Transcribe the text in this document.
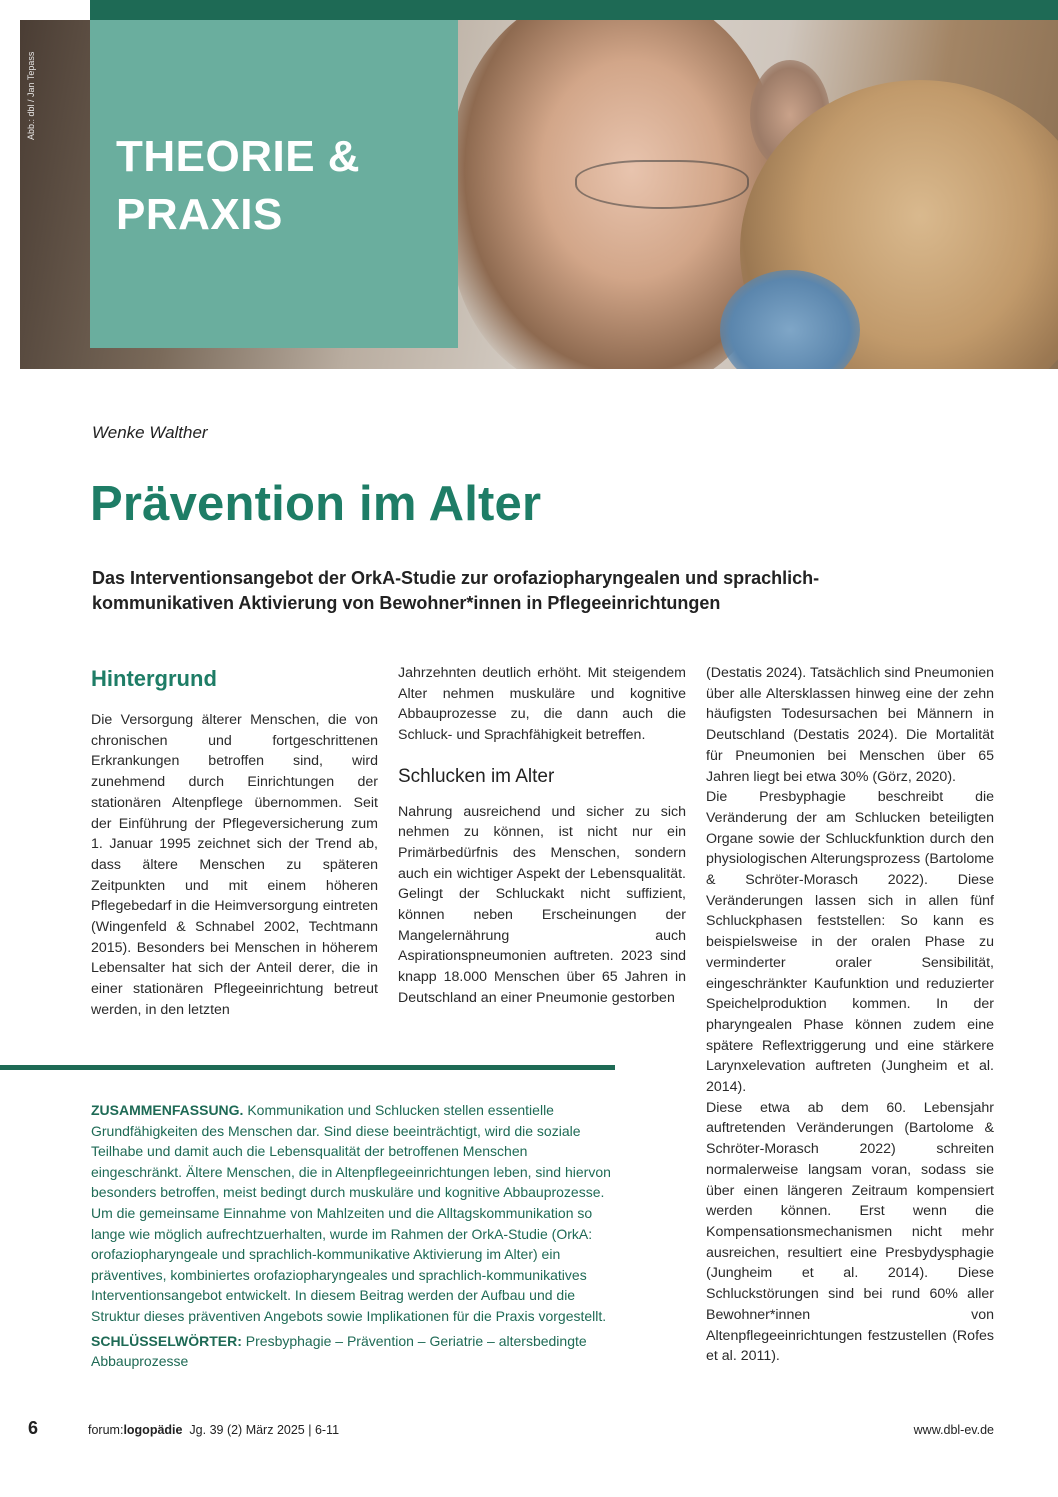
Abb.: dbl / Jan Tepass
THEORIE &
PRAXIS
Wenke Walther
Prävention im Alter
Das Interventionsangebot der OrkA-Studie zur orofaziopharyngealen und sprachlich-kommunikativen Aktivierung von Bewohner*innen in Pflegeeinrichtungen
Hintergrund

Die Versorgung älterer Menschen, die von chronischen und fortgeschrittenen Erkrankungen betroffen sind, wird zunehmend durch Einrichtungen der stationären Altenpflege übernommen. Seit der Einführung der Pflegeversicherung zum 1. Januar 1995 zeichnet sich der Trend ab, dass ältere Menschen zu späteren Zeitpunkten und mit einem höheren Pflegebedarf in die Heimversorgung eintreten (Wingenfeld & Schnabel 2002, Techtmann 2015). Besonders bei Menschen in höherem Lebensalter hat sich der Anteil derer, die in einer stationären Pflegeeinrichtung betreut werden, in den letzten

Jahrzehnten deutlich erhöht. Mit steigendem Alter nehmen muskuläre und kognitive Abbauprozesse zu, die dann auch die Schluck- und Sprachfähigkeit betreffen.

Schlucken im Alter

Nahrung ausreichend und sicher zu sich nehmen zu können, ist nicht nur ein Primärbedürfnis des Menschen, sondern auch ein wichtiger Aspekt der Lebensqualität. Gelingt der Schluckakt nicht suffizient, können neben Erscheinungen der Mangelernährung auch Aspirationspneumonien auftreten. 2023 sind knapp 18.000 Menschen über 65 Jahren in Deutschland an einer Pneumonie gestorben

(Destatis 2024). Tatsächlich sind Pneumonien über alle Altersklassen hinweg eine der zehn häufigsten Todesursachen bei Männern in Deutschland (Destatis 2024). Die Mortalität für Pneumonien bei Menschen über 65 Jahren liegt bei etwa 30% (Görz, 2020).

Die Presbyphagie beschreibt die Veränderung der am Schlucken beteiligten Organe sowie der Schluckfunktion durch den physiologischen Alterungsprozess (Bartolome & Schröter-Morasch 2022). Diese Veränderungen lassen sich in allen fünf Schluckphasen feststellen: So kann es beispielsweise in der oralen Phase zu verminderter oraler Sensibilität, eingeschränkter Kaufunktion und reduzierter Speichelproduktion kommen. In der pharyngealen Phase können zudem eine spätere Reflextriggerung und eine stärkere Larynxelevation auftreten (Jungheim et al. 2014).

Diese etwa ab dem 60. Lebensjahr auftretenden Veränderungen (Bartolome & Schröter-Morasch 2022) schreiten normalerweise langsam voran, sodass sie über einen längeren Zeitraum kompensiert werden können. Erst wenn die Kompensationsmechanismen nicht mehr ausreichen, resultiert eine Presbydysphagie (Jungheim et al. 2014). Diese Schluckstörungen sind bei rund 60% aller Bewohner*innen von Altenpflegeeinrichtungen festzustellen (Rofes et al. 2011).

ZUSAMMENFASSUNG. Kommunikation und Schlucken stellen essentielle Grundfähigkeiten des Menschen dar. Sind diese beeinträchtigt, wird die soziale Teilhabe und damit auch die Lebensqualität der betroffenen Menschen eingeschränkt. Ältere Menschen, die in Altenpflegeeinrichtungen leben, sind hiervon besonders betroffen, meist bedingt durch muskuläre und kognitive Abbauprozesse. Um die gemeinsame Einnahme von Mahlzeiten und die Alltagskommunikation so lange wie möglich aufrechtzuerhalten, wurde im Rahmen der OrkA-Studie (OrkA: orofaziopharyngeale und sprachlich-kommunikative Aktivierung im Alter) ein präventives, kombiniertes orofaziopharyngeales und sprachlich-kommunikatives Interventionsangebot entwickelt. In diesem Beitrag werden der Aufbau und die Struktur dieses präventiven Angebots sowie Implikationen für die Praxis vorgestellt.

SCHLÜSSELWÖRTER: Presbyphagie – Prävention – Geriatrie – altersbedingte Abbauprozesse

6	forum:logopädie Jg. 39 (2) März 2025 | 6-11	www.dbl-ev.de
